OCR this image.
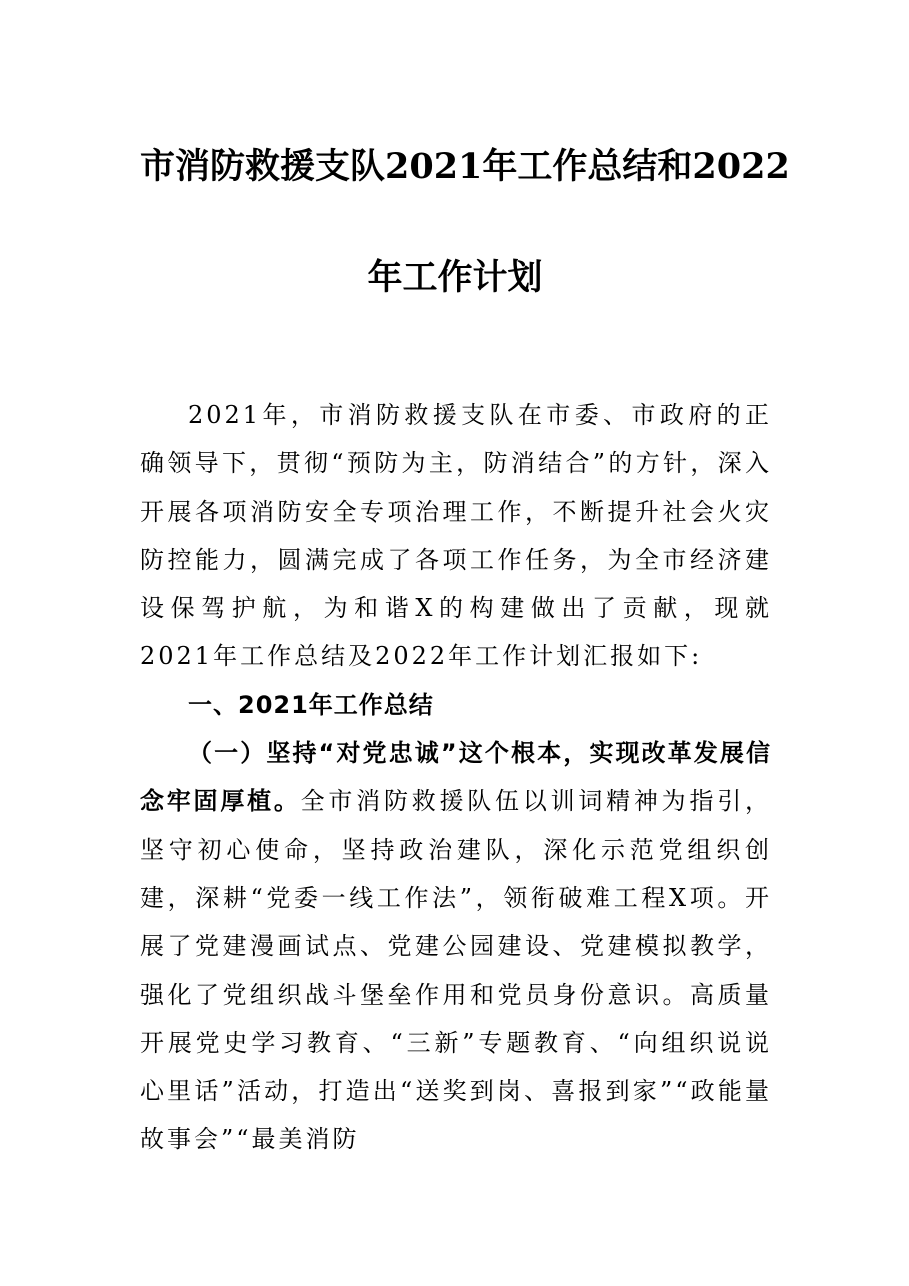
市消防救援支队2021年工作总结和2022
年工作计划

2021年，市消防救援支队在市委、市政府的正确领导下，贯彻“预防为主，防消结合”的方针，深入开展各项消防安全专项治理工作，不断提升社会火灾防控能力，圆满完成了各项工作任务，为全市经济建设保驾护航，为和谐X的构建做出了贡献，现就2021年工作总结及2022年工作计划汇报如下:

一、2021年工作总结

（一）坚持“对党忠诚”这个根本，实现改革发展信念牢固厚植。全市消防救援队伍以训词精神为指引，坚守初心使命，坚持政治建队，深化示范党组织创建，深耕“党委一线工作法”，领衔破难工程X项。开展了党建漫画试点、党建公园建设、党建模拟教学，强化了党组织战斗堡垒作用和党员身份意识。高质量开展党史学习教育、“三新”专题教育、“向组织说说心里话”活动，打造出“送奖到岗、喜报到家”“政能量故事会”“最美消防
